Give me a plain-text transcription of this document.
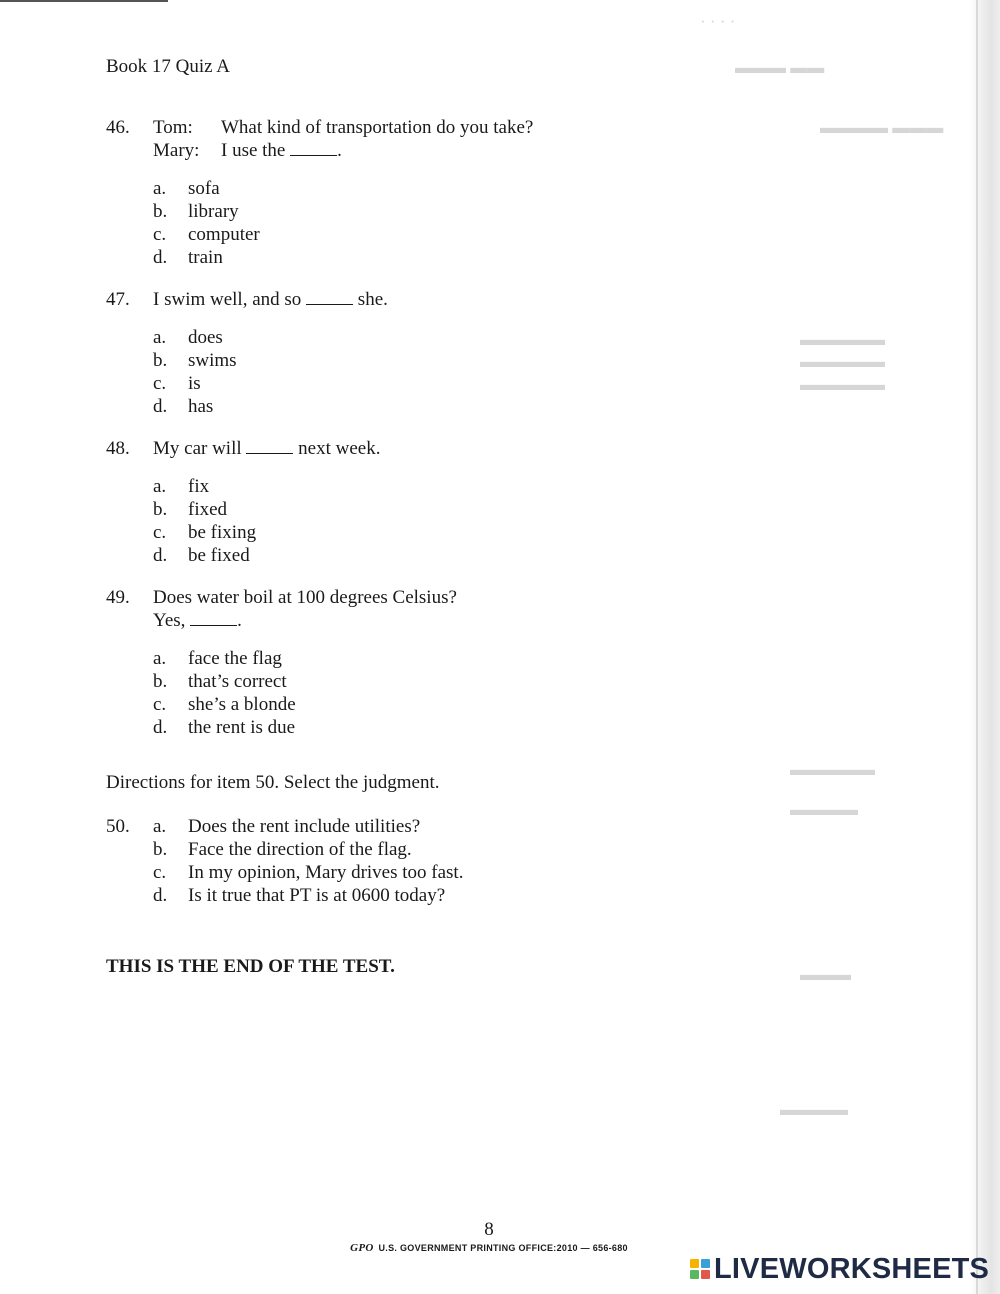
· · · ·
▬▬▬ ▬▬
▬▬▬▬ ▬▬▬
▬▬▬▬▬
▬▬▬▬▬
▬▬▬▬▬
▬▬▬▬▬
▬▬▬▬
▬▬▬
▬▬▬▬
Book 17 Quiz A
46.	Tom: What kind of transportation do you take?
Mary: I use the	.
a.	sofa
b.	library
c.	computer
d.	train
47.	I swim well, and so	she.
a.	does
b.	swims
c.	is
d.	has
48.	My car will	next week.
a.	fix
b.	fixed
c.	be fixing
d.	be fixed
49.	Does water boil at 100 degrees Celsius?
Yes,	.
a.	face the flag
b.	that’s correct
c.	she’s a blonde
d.	the rent is due
Directions for item 50. Select the judgment.
50.	a.	Does the rent include utilities?
b.	Face the direction of the flag.
c.	In my opinion, Mary drives too fast.
d.	Is it true that PT is at 0600 today?
THIS IS THE END OF THE TEST.
8
GPO U.S. GOVERNMENT PRINTING OFFICE:2010 — 656-680
LIVEWORKSHEETS
